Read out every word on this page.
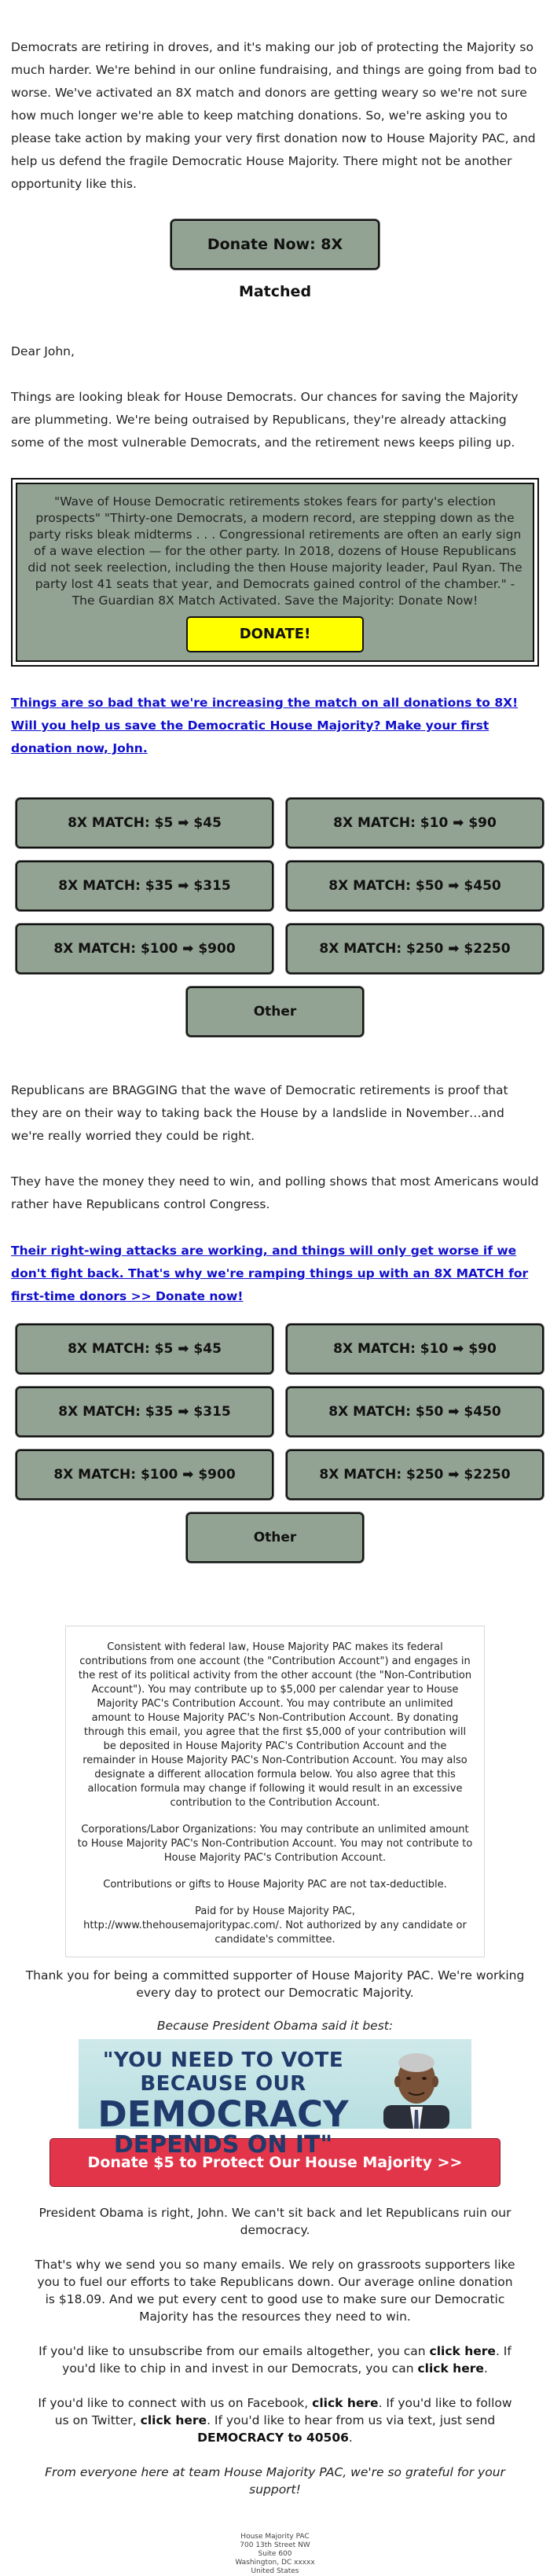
Democrats are retiring in droves, and it's making our job of protecting the Majority so much harder. We're behind in our online fundraising, and things are going from bad to worse. We've activated an 8X match and donors are getting weary so we're not sure how much longer we're able to keep matching donations. So, we're asking you to please take action by making your very first donation now to House Majority PAC, and help us defend the fragile Democratic House Majority. There might not be another opportunity like this.

Donate Now: 8X Matched

Dear John,

Things are looking bleak for House Democrats. Our chances for saving the Majority are plummeting. We're being outraised by Republicans, they're already attacking some of the most vulnerable Democrats, and the retirement news keeps piling up.

"Wave of House Democratic retirements stokes fears for party's election prospects" "Thirty-one Democrats, a modern record, are stepping down as the party risks bleak midterms . . . Congressional retirements are often an early sign of a wave election — for the other party. In 2018, dozens of House Republicans did not seek reelection, including the then House majority leader, Paul Ryan. The party lost 41 seats that year, and Democrats gained control of the chamber." - The Guardian 8X Match Activated. Save the Majority: Donate Now!
DONATE!
Things are so bad that we're increasing the match on all donations to 8X! Will you help us save the Democratic House Majority? Make your first donation now, John.
8X MATCH: $5 ➡ $45	8X MATCH: $10 ➡ $90
8X MATCH: $35 ➡ $315	8X MATCH: $50 ➡ $450
8X MATCH: $100 ➡ $900	8X MATCH: $250 ➡ $2250
Other

Republicans are BRAGGING that the wave of Democratic retirements is proof that they are on their way to taking back the House by a landslide in November…and we're really worried they could be right.

They have the money they need to win, and polling shows that most Americans would rather have Republicans control Congress.

Their right-wing attacks are working, and things will only get worse if we don't fight back. That's why we're ramping things up with an 8X MATCH for first-time donors >> Donate now!
8X MATCH: $5 ➡ $45	8X MATCH: $10 ➡ $90
8X MATCH: $35 ➡ $315	8X MATCH: $50 ➡ $450
8X MATCH: $100 ➡ $900	8X MATCH: $250 ➡ $2250
Other

Consistent with federal law, House Majority PAC makes its federal contributions from one account (the "Contribution Account") and engages in the rest of its political activity from the other account (the "Non-Contribution Account"). You may contribute up to $5,000 per calendar year to House Majority PAC's Contribution Account. You may contribute an unlimited amount to House Majority PAC's Non-Contribution Account. By donating through this email, you agree that the first $5,000 of your contribution will be deposited in House Majority PAC's Contribution Account and the remainder in House Majority PAC's Non-Contribution Account. You may also designate a different allocation formula below. You also agree that this allocation formula may change if following it would result in an excessive contribution to the Contribution Account.

Corporations/Labor Organizations: You may contribute an unlimited amount to House Majority PAC's Non-Contribution Account. You may not contribute to House Majority PAC's Contribution Account.

Contributions or gifts to House Majority PAC are not tax-deductible.

Paid for by House Majority PAC,
http://www.thehousemajoritypac.com/. Not authorized by any candidate or candidate's committee.

Thank you for being a committed supporter of House Majority PAC. We're working every day to protect our Democratic Majority.

Because President Obama said it best:
"YOU NEED TO VOTE BECAUSE OUR
DEMOCRACY
DEPENDS ON IT"
Donate $5 to Protect Our House Majority >>

President Obama is right, John. We can't sit back and let Republicans ruin our democracy.

That's why we send you so many emails. We rely on grassroots supporters like you to fuel our efforts to take Republicans down. Our average online donation is $18.09. And we put every cent to good use to make sure our Democratic Majority has the resources they need to win.

If you'd like to unsubscribe from our emails altogether, you can click here. If you'd like to chip in and invest in our Democrats, you can click here.

If you'd like to connect with us on Facebook, click here. If you'd like to follow us on Twitter, click here. If you'd like to hear from us via text, just send DEMOCRACY to 40506.

From everyone here at team House Majority PAC, we're so grateful for your support!

House Majority PAC
700 13th Street NW
Suite 600
Washington, DC xxxxx
United States
